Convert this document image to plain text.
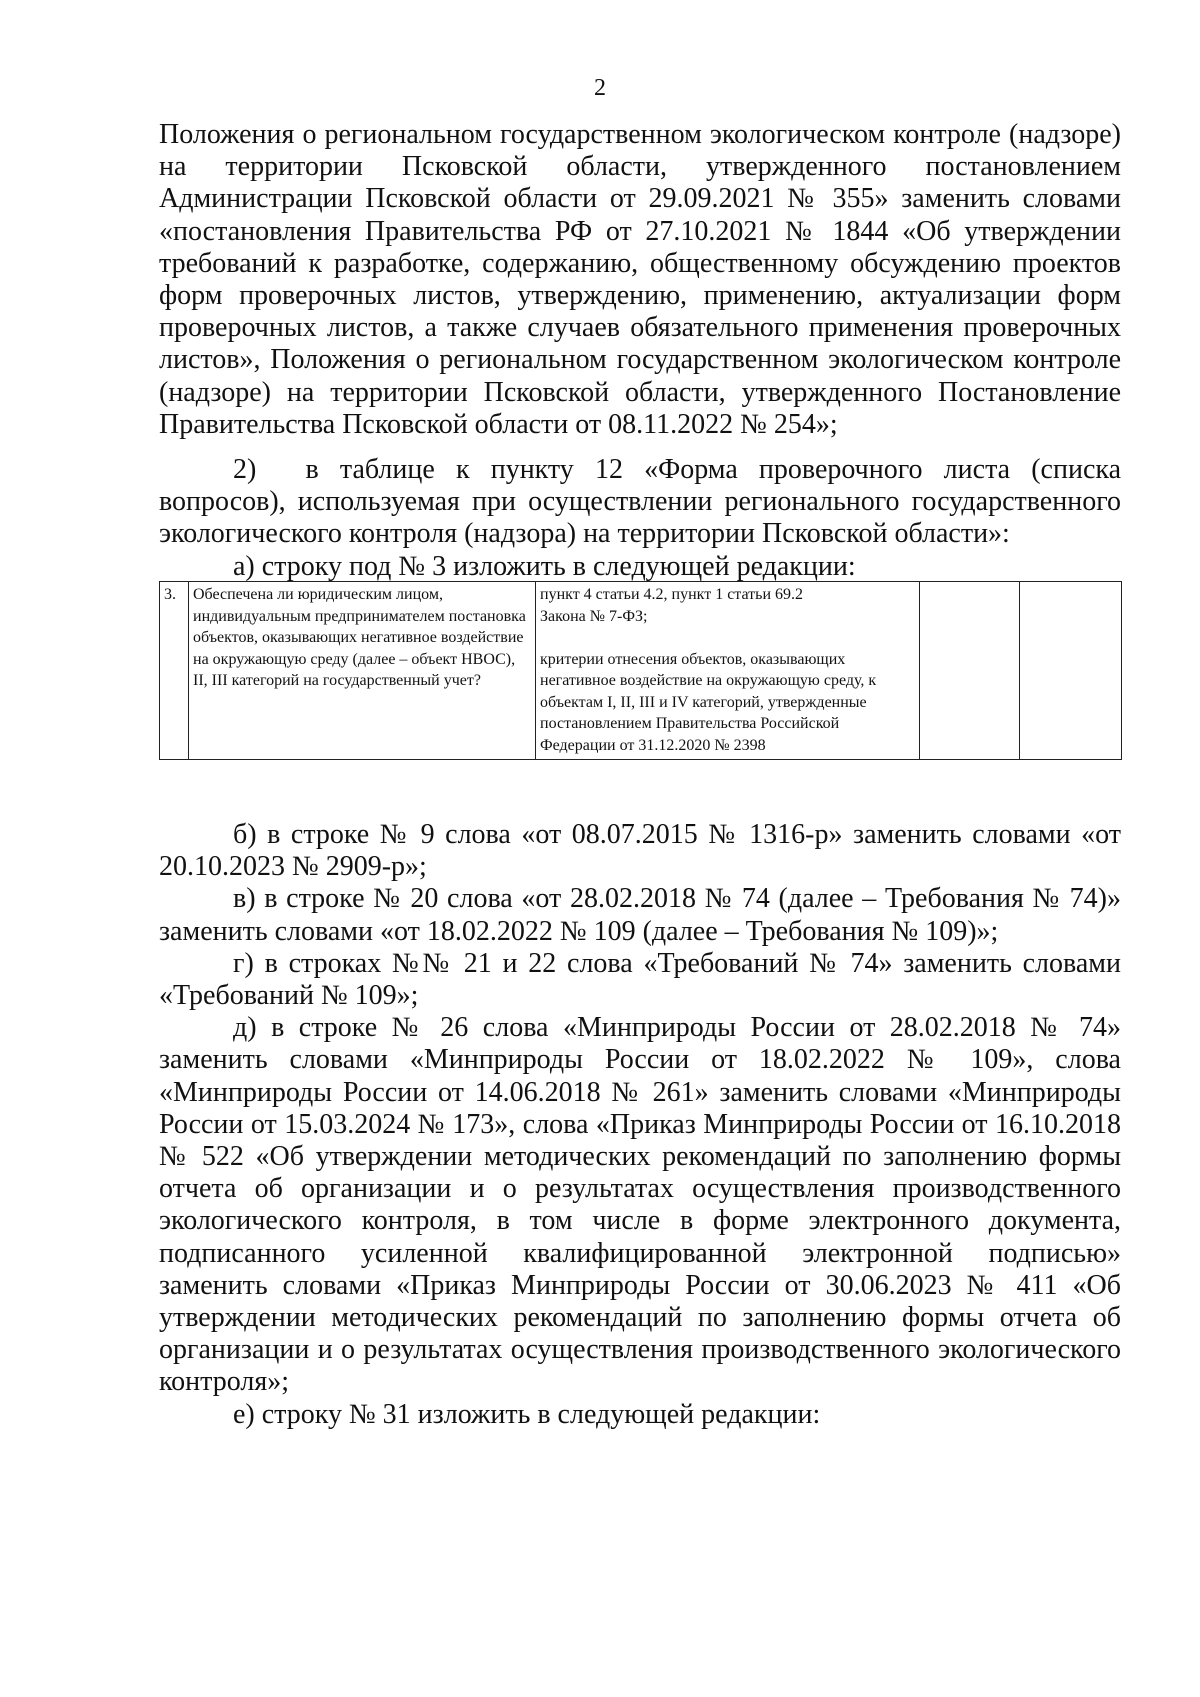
2

Положения о региональном государственном экологическом контроле (надзоре) на территории Псковской области, утвержденного постановлением Администрации Псковской области от 29.09.2021 № 355» заменить словами «постановления Правительства РФ от 27.10.2021 № 1844 «Об утверждении требований к разработке, содержанию, общественному обсуждению проектов форм проверочных листов, утверждению, применению, актуализации форм проверочных листов, а также случаев обязательного применения проверочных листов», Положения о региональном государственном экологическом контроле (надзоре) на территории Псковской области, утвержденного Постановление Правительства Псковской области от 08.11.2022 № 254»;

2)  в таблице к пункту 12 «Форма проверочного листа (списка вопросов), используемая при осуществлении регионального государственного экологического контроля (надзора) на территории Псковской области»:

а) строку под № 3 изложить в следующей редакции:

3.	Обеспечена ли юридическим лицом, индивидуальным предпринимателем постановка объектов, оказывающих негативное воздействие на окружающую среду (далее – объект НВОС), II, III категорий на государственный учет?	пункт 4 статьи 4.2, пункт 1 статьи 69.2
Закона № 7-ФЗ;

критерии отнесения объектов, оказывающих негативное воздействие на окружающую среду, к объектам I, II, III и IV категорий, утвержденные постановлением Правительства Российской Федерации от 31.12.2020 № 2398		

б) в строке № 9 слова «от 08.07.2015 № 1316-р» заменить словами «от 20.10.2023 № 2909-р»;

в) в строке № 20 слова «от 28.02.2018 № 74 (далее – Требования № 74)» заменить словами «от 18.02.2022 № 109 (далее – Требования № 109)»;

г) в строках №№ 21 и 22 слова «Требований № 74» заменить словами «Требований № 109»;

д) в строке № 26 слова «Минприроды России от 28.02.2018 № 74» заменить словами «Минприроды России от 18.02.2022 № 109», слова «Минприроды России от 14.06.2018 № 261» заменить словами «Минприроды России от 15.03.2024 № 173», слова «Приказ Минприроды России от 16.10.2018 № 522 «Об утверждении методических рекомендаций по заполнению формы отчета об организации и о результатах осуществления производственного экологического контроля, в том числе в форме электронного документа, подписанного усиленной квалифицированной электронной подписью» заменить словами «Приказ Минприроды России от 30.06.2023 № 411 «Об утверждении методических рекомендаций по заполнению формы отчета об организации и о результатах осуществления производственного экологического контроля»;

е) строку № 31 изложить в следующей редакции:
